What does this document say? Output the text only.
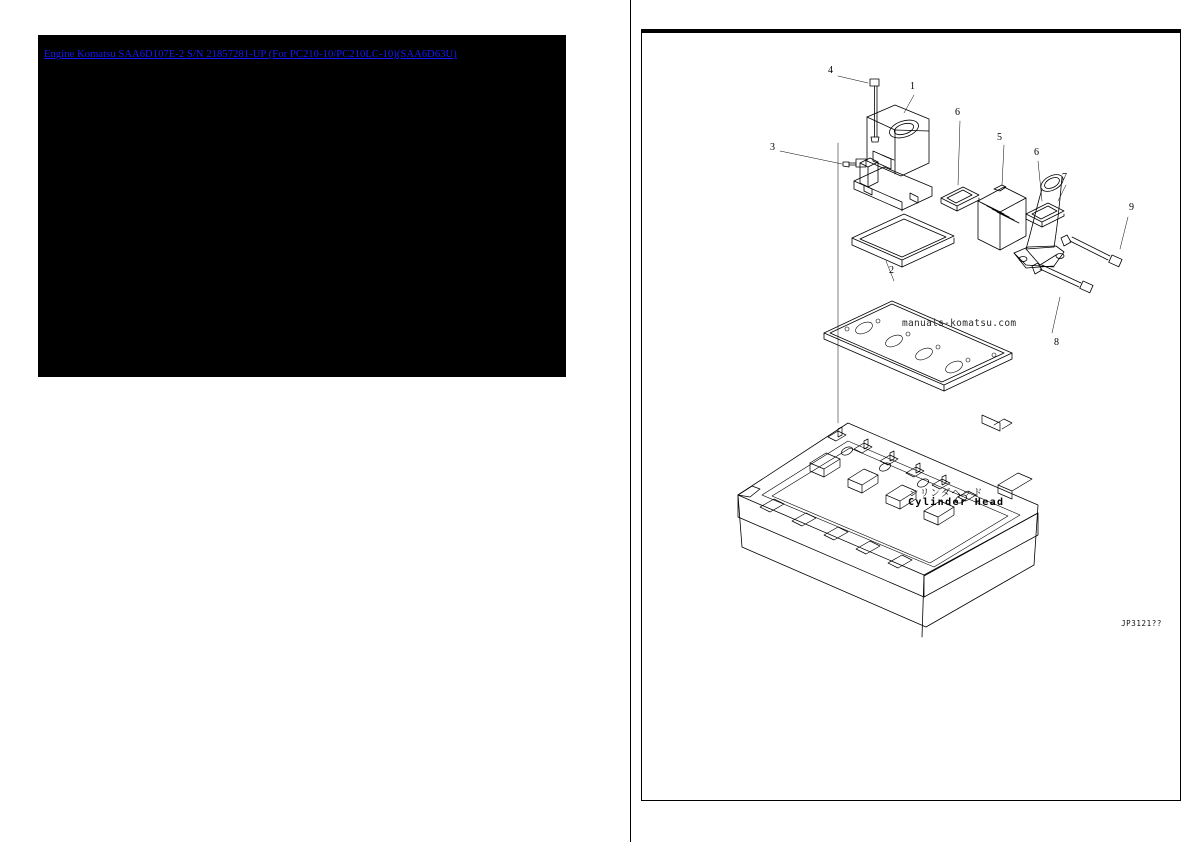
Engine Komatsu SAA6D107E-2 S/N 21857281-UP (For PC210-10/PC210LC-10)(SAA6D63U)
manuals-komatsu.com
シリンダヘッド
Cylinder Head
JP3121??
4
1
6
5
3	6
7
9
2
8
